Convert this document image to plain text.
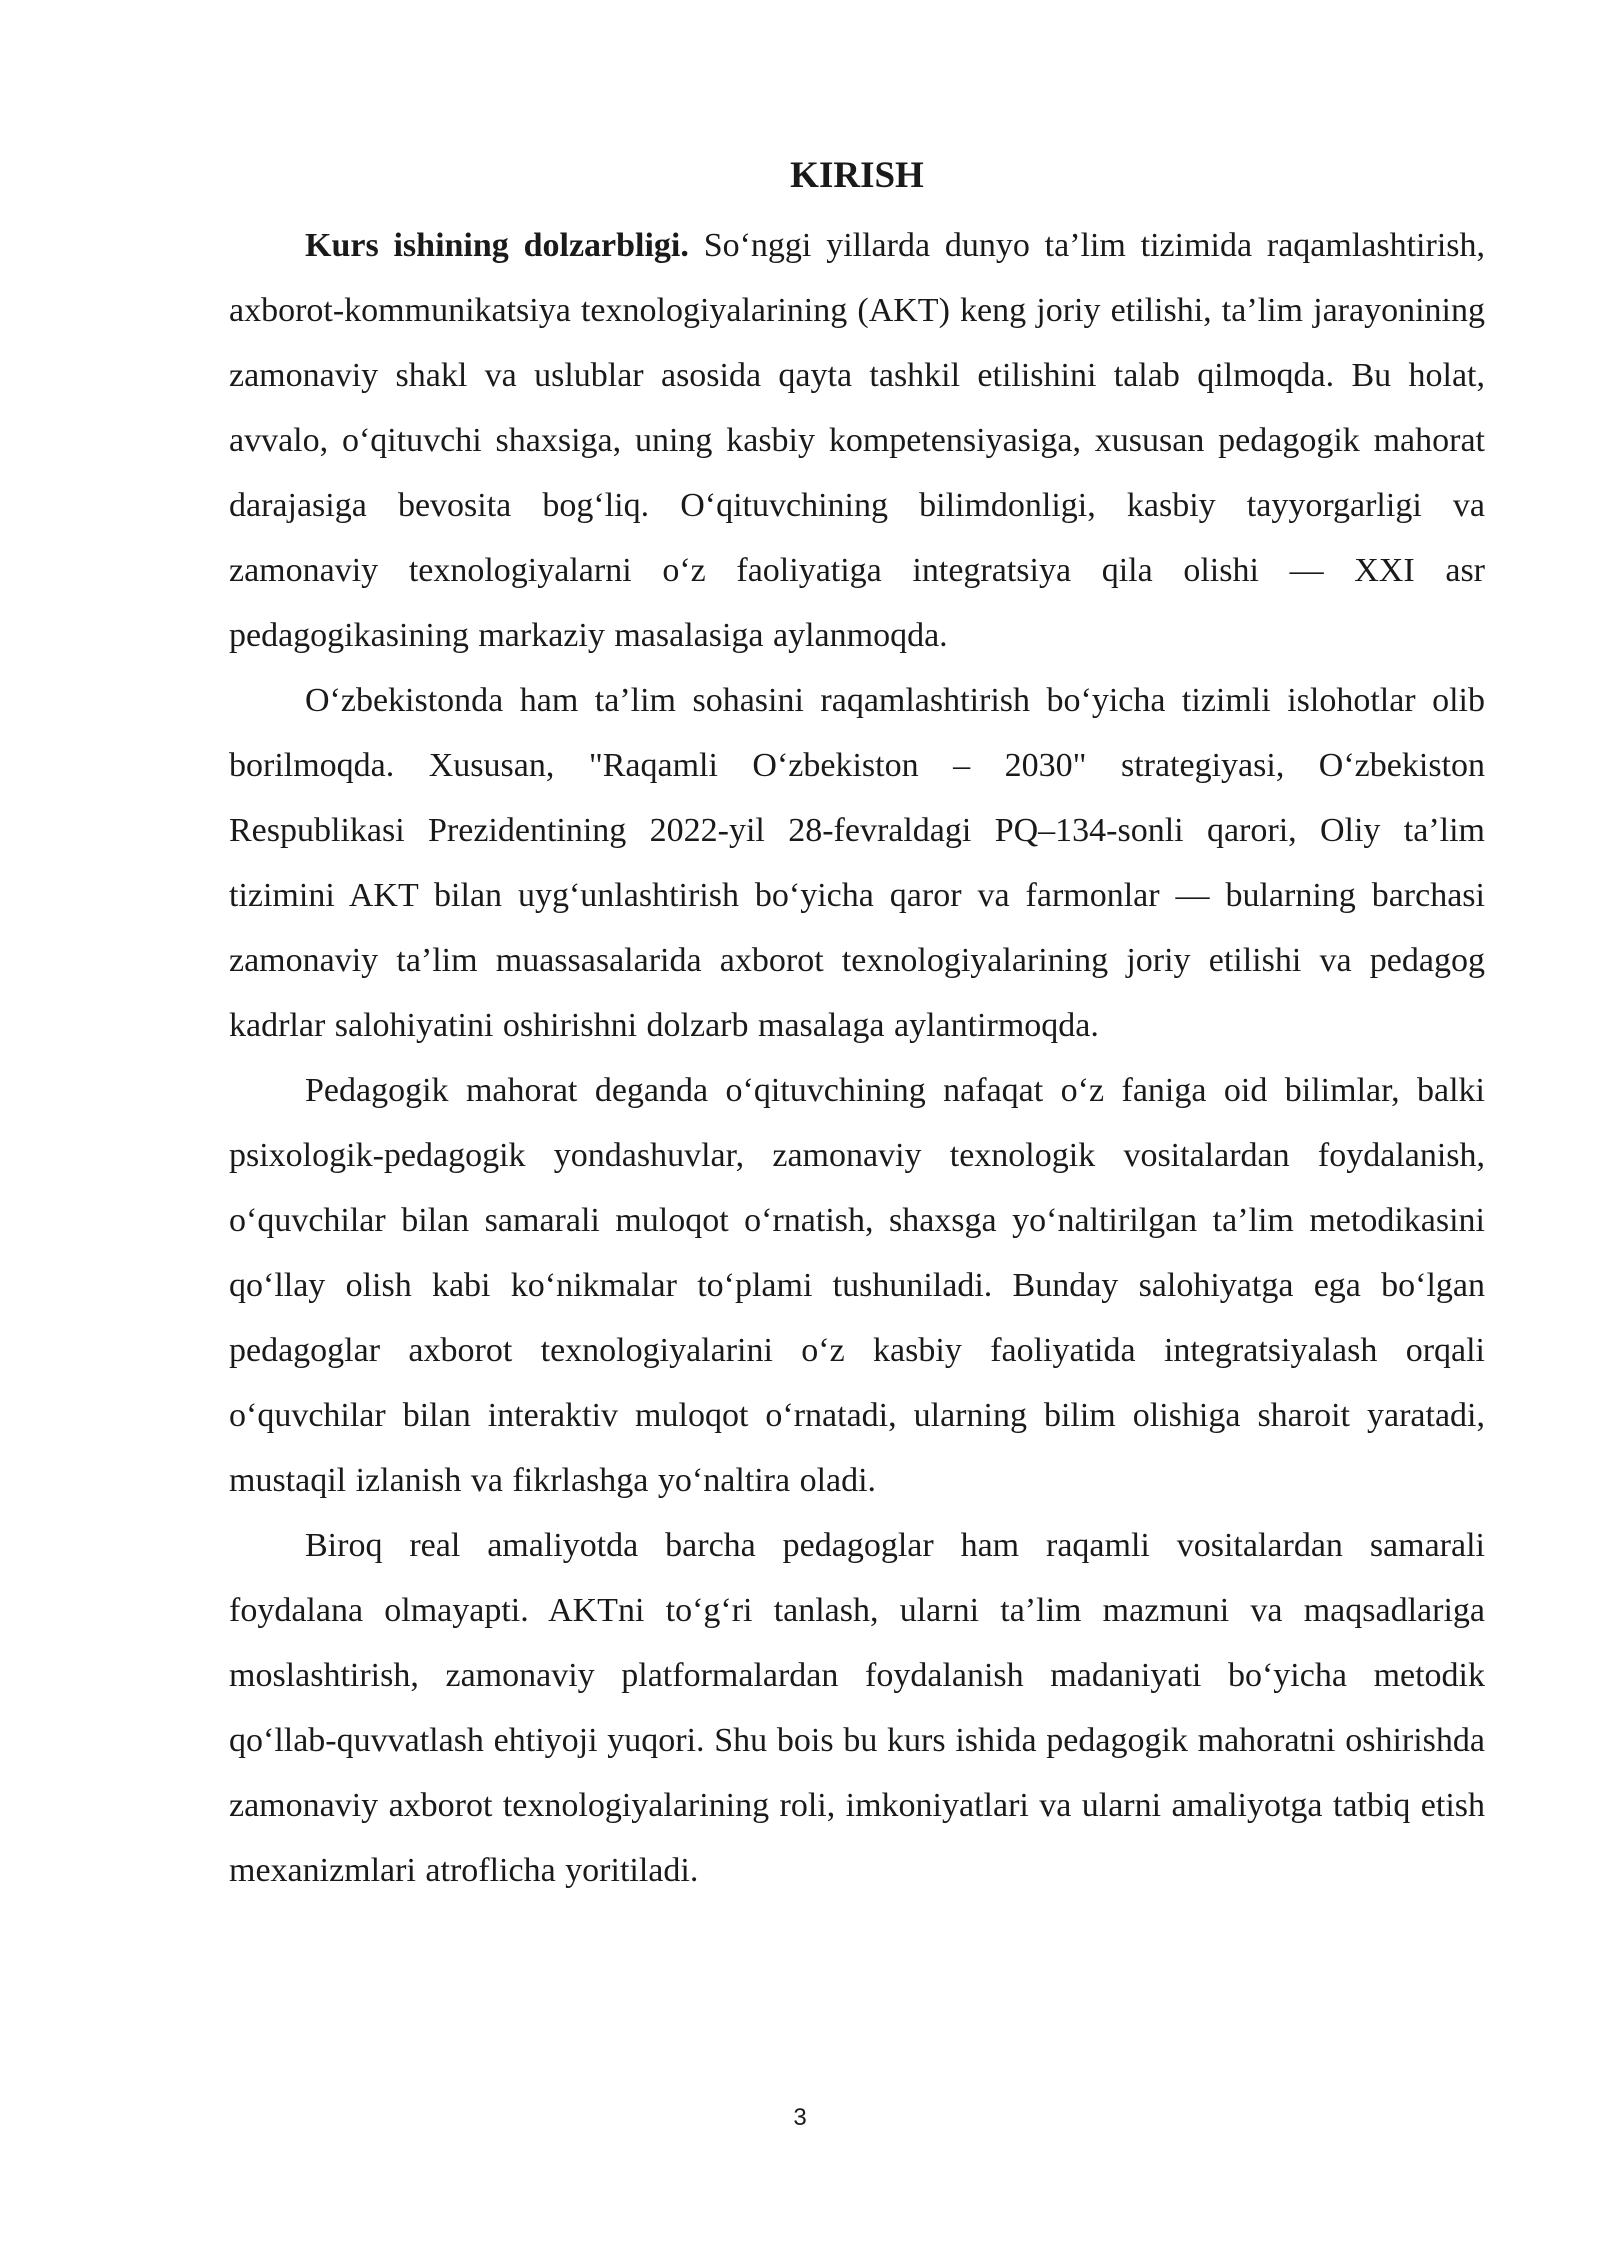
KIRISH

Kurs ishining dolzarbligi. So‘nggi yillarda dunyo ta’lim tizimida raqamlashtirish, axborot-kommunikatsiya texnologiyalarining (AKT) keng joriy etilishi, ta’lim jarayonining zamonaviy shakl va uslublar asosida qayta tashkil etilishini talab qilmoqda. Bu holat, avvalo, o‘qituvchi shaxsiga, uning kasbiy kompetensiyasiga, xususan pedagogik mahorat darajasiga bevosita bog‘liq. O‘qituvchining bilimdonligi, kasbiy tayyorgarligi va zamonaviy texnologiyalarni o‘z faoliyatiga integratsiya qila olishi — XXI asr pedagogikasining markaziy masalasiga aylanmoqda.

O‘zbekistonda ham ta’lim sohasini raqamlashtirish bo‘yicha tizimli islohotlar olib borilmoqda. Xususan, "Raqamli O‘zbekiston – 2030" strategiyasi, O‘zbekiston Respublikasi Prezidentining 2022-yil 28-fevraldagi PQ–134-sonli qarori, Oliy ta’lim tizimini AKT bilan uyg‘unlashtirish bo‘yicha qaror va farmonlar — bularning barchasi zamonaviy ta’lim muassasalarida axborot texnologiyalarining joriy etilishi va pedagog kadrlar salohiyatini oshirishni dolzarb masalaga aylantirmoqda.

Pedagogik mahorat deganda o‘qituvchining nafaqat o‘z faniga oid bilimlar, balki psixologik-pedagogik yondashuvlar, zamonaviy texnologik vositalardan foydalanish, o‘quvchilar bilan samarali muloqot o‘rnatish, shaxsga yo‘naltirilgan ta’lim metodikasini qo‘llay olish kabi ko‘nikmalar to‘plami tushuniladi. Bunday salohiyatga ega bo‘lgan pedagoglar axborot texnologiyalarini o‘z kasbiy faoliyatida integratsiyalash orqali o‘quvchilar bilan interaktiv muloqot o‘rnatadi, ularning bilim olishiga sharoit yaratadi, mustaqil izlanish va fikrlashga yo‘naltira oladi.

Biroq real amaliyotda barcha pedagoglar ham raqamli vositalardan samarali foydalana olmayapti. AKTni to‘g‘ri tanlash, ularni ta’lim mazmuni va maqsadlariga moslashtirish, zamonaviy platformalardan foydalanish madaniyati bo‘yicha metodik qo‘llab-quvvatlash ehtiyoji yuqori. Shu bois bu kurs ishida pedagogik mahoratni oshirishda zamonaviy axborot texnologiyalarining roli, imkoniyatlari va ularni amaliyotga tatbiq etish mexanizmlari atroflicha yoritiladi.

3
